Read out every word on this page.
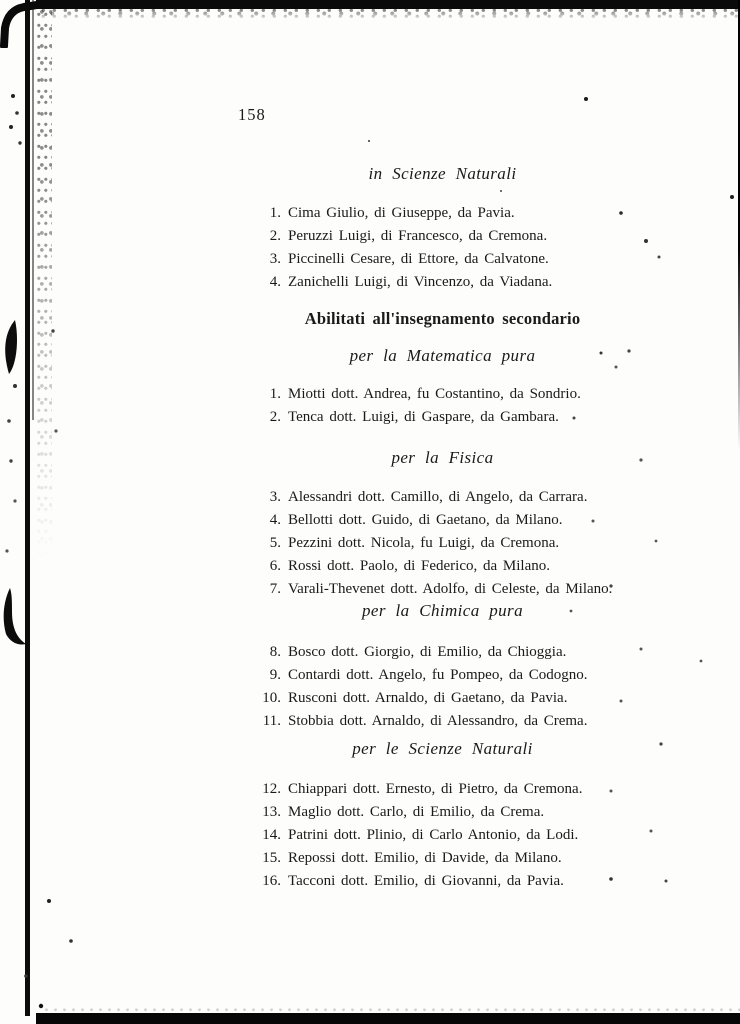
158
in Scienze Naturali
1. Cima Giulio, di Giuseppe, da Pavia.
2. Peruzzi Luigi, di Francesco, da Cremona.
3. Piccinelli Cesare, di Ettore, da Calvatone.
4. Zanichelli Luigi, di Vincenzo, da Viadana.
Abilitati all'insegnamento secondario
per la Matematica pura
1. Miotti dott. Andrea, fu Costantino, da Sondrio.
2. Tenca dott. Luigi, di Gaspare, da Gambara.
per la Fisica
3. Alessandri dott. Camillo, di Angelo, da Carrara.
4. Bellotti dott. Guido, di Gaetano, da Milano.
5. Pezzini dott. Nicola, fu Luigi, da Cremona.
6. Rossi dott. Paolo, di Federico, da Milano.
7. Varali-Thevenet dott. Adolfo, di Celeste, da Milano.
per la Chimica pura
8. Bosco dott. Giorgio, di Emilio, da Chioggia.
9. Contardi dott. Angelo, fu Pompeo, da Codogno.
10. Rusconi dott. Arnaldo, di Gaetano, da Pavia.
11. Stobbia dott. Arnaldo, di Alessandro, da Crema.
per le Scienze Naturali
12. Chiappari dott. Ernesto, di Pietro, da Cremona.
13. Maglio dott. Carlo, di Emilio, da Crema.
14. Patrini dott. Plinio, di Carlo Antonio, da Lodi.
15. Repossi dott. Emilio, di Davide, da Milano.
16. Tacconi dott. Emilio, di Giovanni, da Pavia.
